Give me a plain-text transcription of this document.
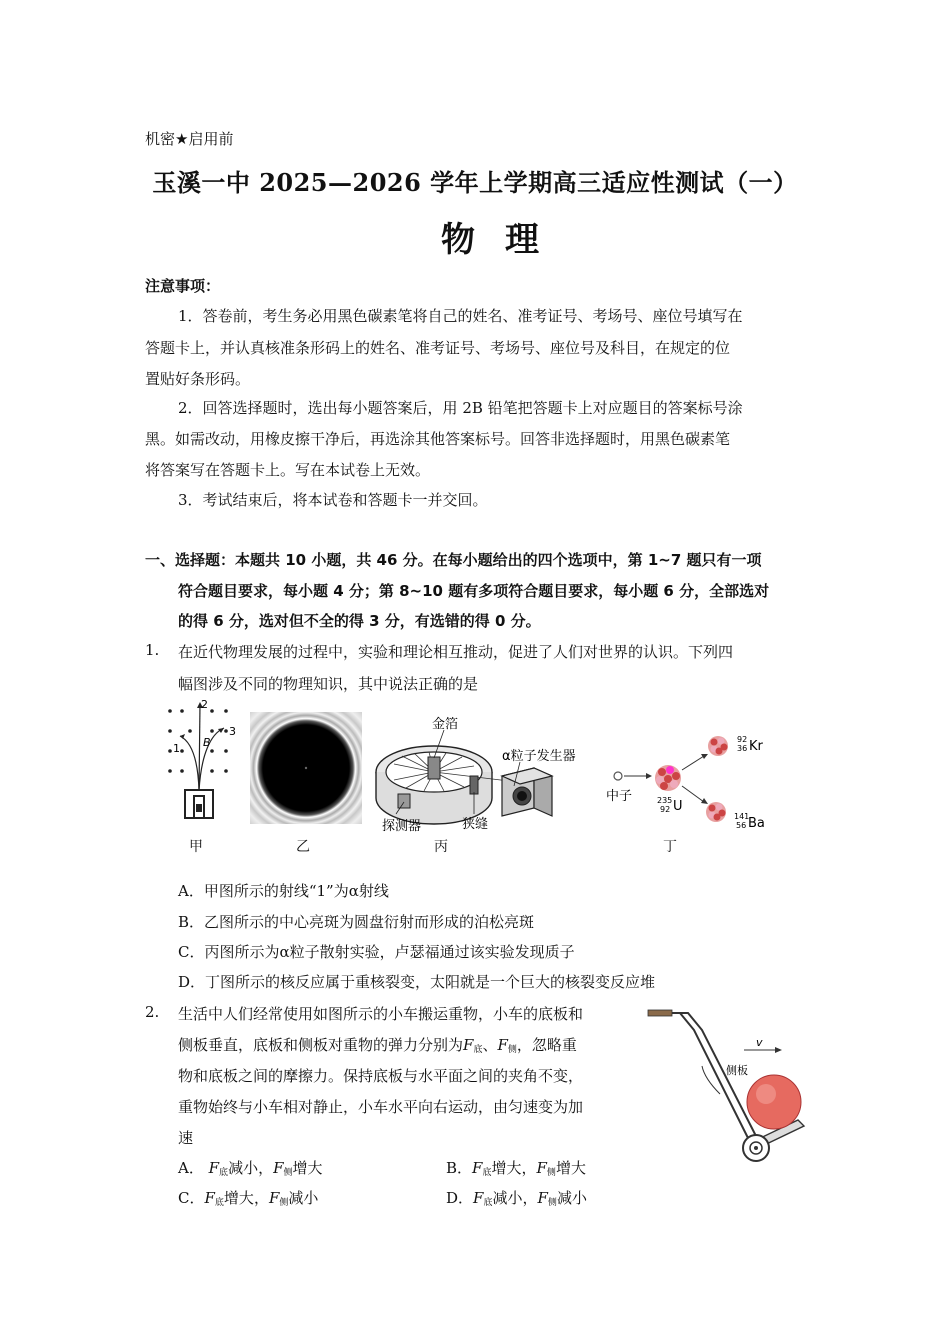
机密★启用前
玉溪一中 2025—2026 学年上学期高三适应性测试（一）
物理
注意事项：
1．答卷前，考生务必用黑色碳素笔将自己的姓名、准考证号、考场号、座位号填写在
答题卡上，并认真核准条形码上的姓名、准考证号、考场号、座位号及科目，在规定的位
置贴好条形码。
2．回答选择题时，选出每小题答案后，用 2B 铅笔把答题卡上对应题目的答案标号涂
黑。如需改动，用橡皮擦干净后，再选涂其他答案标号。回答非选择题时，用黑色碳素笔
将答案写在答题卡上。写在本试卷上无效。
3．考试结束后，将本试卷和答题卡一并交回。
一、选择题：本题共 10 小题，共 46 分。在每小题给出的四个选项中，第 1~7 题只有一项
符合题目要求，每小题 4 分；第 8~10 题有多项符合题目要求，每小题 6 分，全部选对
的得 6 分，选对但不全的得 3 分，有选错的得 0 分。
1. 在近代物理发展的过程中，实验和理论相互推动，促进了人们对世界的认识。下列四
幅图涉及不同的物理知识，其中说法正确的是
1
2
3
B
甲	乙
金箔
α粒子发生器
探测器	狭缝
丙
中子	235
92 U
92
36 Kr
141
56 Ba
丁
A．甲图所示的射线“1”为α射线
B．乙图所示的中心亮斑为圆盘衍射而形成的泊松亮斑
C．丙图所示为α粒子散射实验，卢瑟福通过该实验发现质子
D．丁图所示的核反应属于重核裂变，太阳就是一个巨大的核裂变反应堆
2. 生活中人们经常使用如图所示的小车搬运重物，小车的底板和
侧板垂直，底板和侧板对重物的弹力分别为$F_底$、$F_侧$，忽略重
物和底板之间的摩擦力。保持底板与水平面之间的夹角不变，
重物始终与小车相对静止，小车水平向右运动，由匀速变为加
速
A． $F_底$减小，$F_侧$增大	B．$F_底$增大，$F_侧$增大
C．$F_底$增大，$F_侧$减小	D．$F_底$减小，$F_侧$减小
v
侧板
